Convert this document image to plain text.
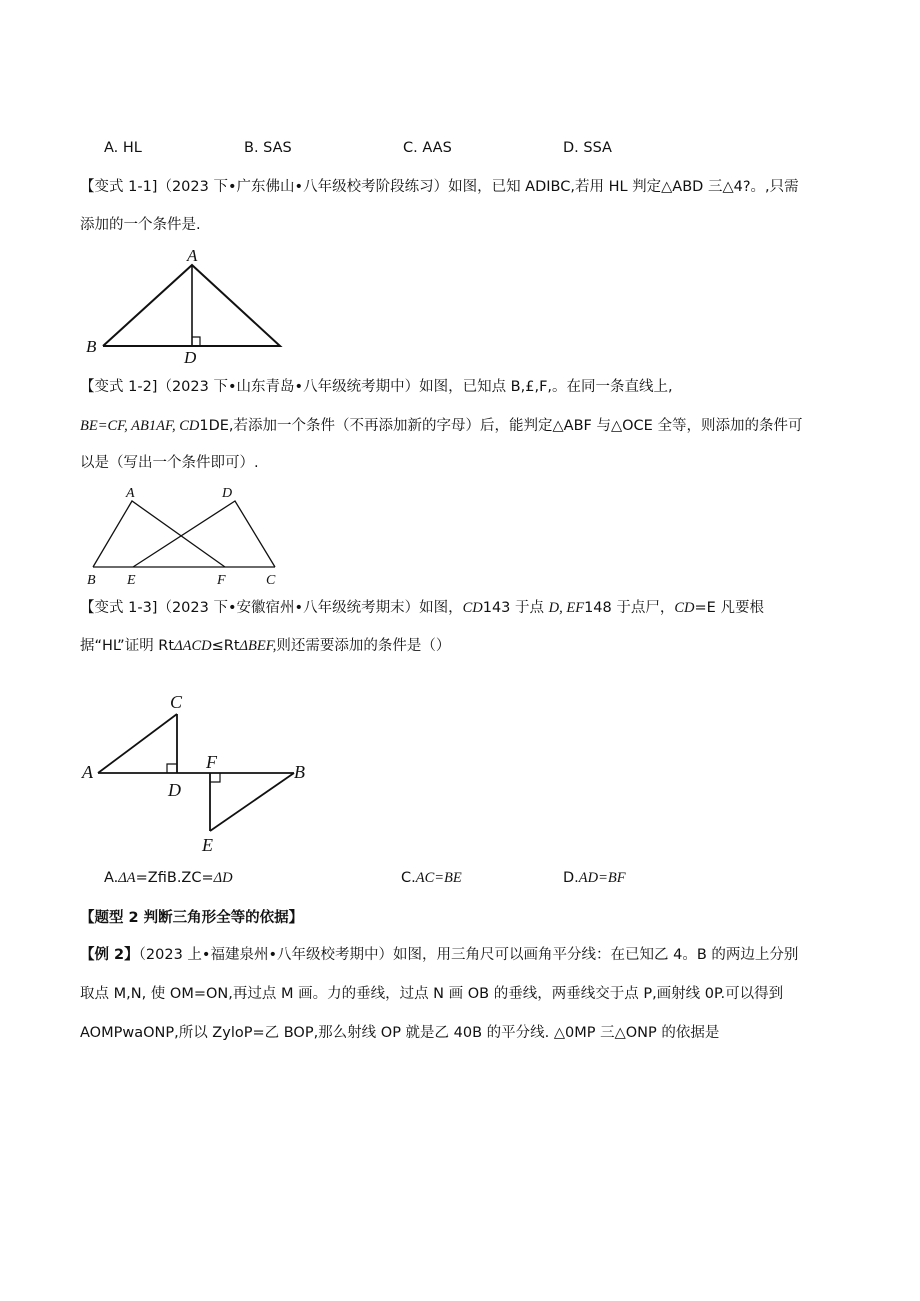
A. HL	B. SAS	C. AAS	D. SSA
【变式 1-1]（2023 下•广东佛山•八年级校考阶段练习）如图，已知 ADIBC,若用 HL 判定△ABD 三△4?。,只需
添加的一个条件是.
A
B
D
【变式 1-2]（2023 下•山东青岛•八年级统考期中）如图，已知点 B,£,F,。在同一条直线上,
BE=CF, AB1AF, CD1DE,若添加一个条件（不再添加新的字母）后，能判定△ABF 与△OCE 全等，则添加的条件可
以是（写出一个条件即可）.
A	D
B E	F	C
【变式 1-3]（2023 下•安徽宿州•八年级统考期末）如图，CD143 于点 D, EF148 于点尸，CD=E 凡要根
据“HL”证明 RtΔACD≤RtΔBEF,则还需要添加的条件是（）
C
A
D
F	B
E
A.ΔA=ZfiB.ZC=ΔD	C.AC=BE	D.AD=BF
【题型 2 判断三角形全等的依据】
【例 2】（2023 上•福建泉州•八年级校考期中）如图，用三角尺可以画角平分线：在已知乙 4。B 的两边上分别
取点 M,N, 使 OM=ON,再过点 M 画。力的垂线，过点 N 画 OB 的垂线，两垂线交于点 P,画射线 0P.可以得到
AOMPwaONP,所以 ZyloP=乙 BOP,那么射线 OP 就是乙 40B 的平分线. △0MP 三△ONP 的依据是
